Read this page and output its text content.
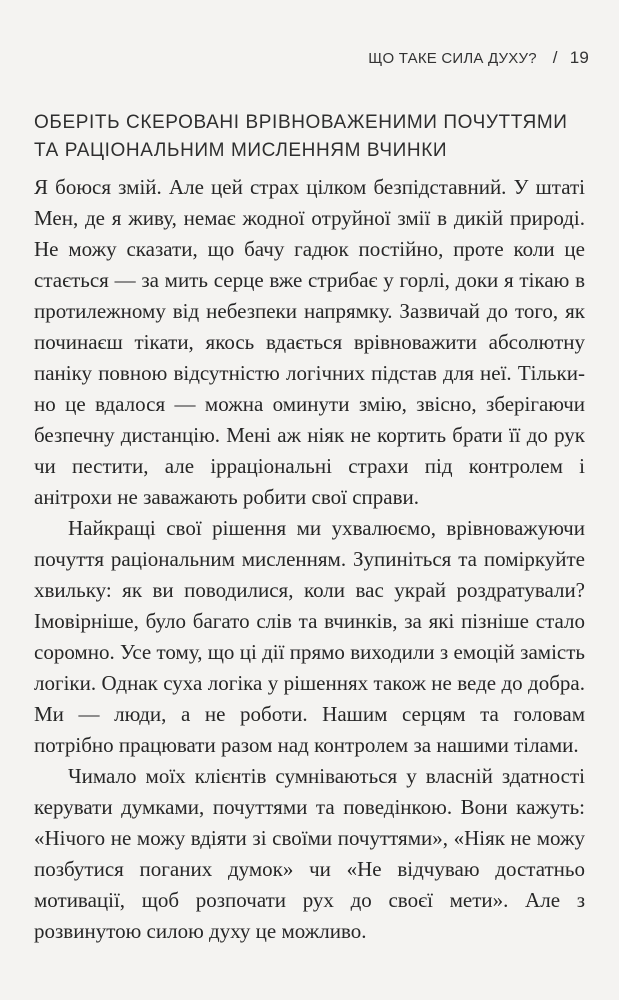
ЩО ТАКЕ СИЛА ДУХУ? / 19
ОБЕРІТЬ СКЕРОВАНІ ВРІВНОВАЖЕНИМИ ПОЧУТТЯМИ ТА РАЦІОНАЛЬНИМ МИСЛЕННЯМ ВЧИНКИ

Я боюся змій. Але цей страх цілком безпідставний. У штаті Мен, де я живу, немає жодної отруйної змії в дикій природі. Не можу сказати, що бачу гадюк постійно, проте коли це стається — за мить серце вже стрибає у горлі, доки я тікаю в протилежному від небезпеки напрямку. Зазвичай до того, як починаєш тікати, якось вдається врівноважити абсолютну паніку повною відсутністю логічних підстав для неї. Тільки-но це вдалося — можна оминути змію, звісно, зберігаючи безпечну дистанцію. Мені аж ніяк не кортить брати її до рук чи пестити, але ірраціональні страхи під контролем і анітрохи не заважають робити свої справи.

Найкращі свої рішення ми ухвалюємо, врівноважуючи почуття раціональним мисленням. Зупиніться та поміркуйте хвильку: як ви поводилися, коли вас украй роздратували? Імовірніше, було багато слів та вчинків, за які пізніше стало соромно. Усе тому, що ці дії прямо виходили з емоцій замість логіки. Однак суха логіка у рішеннях також не веде до добра. Ми — люди, а не роботи. Нашим серцям та головам потрібно працювати разом над контролем за нашими тілами.

Чимало моїх клієнтів сумніваються у власній здатності керувати думками, почуттями та поведінкою. Вони кажуть: «Нічого не можу вдіяти зі своїми почуттями», «Ніяк не можу позбутися поганих думок» чи «Не відчуваю достатньо мотивації, щоб розпочати рух до своєї мети». Але з розвинутою силою духу це можливо.
